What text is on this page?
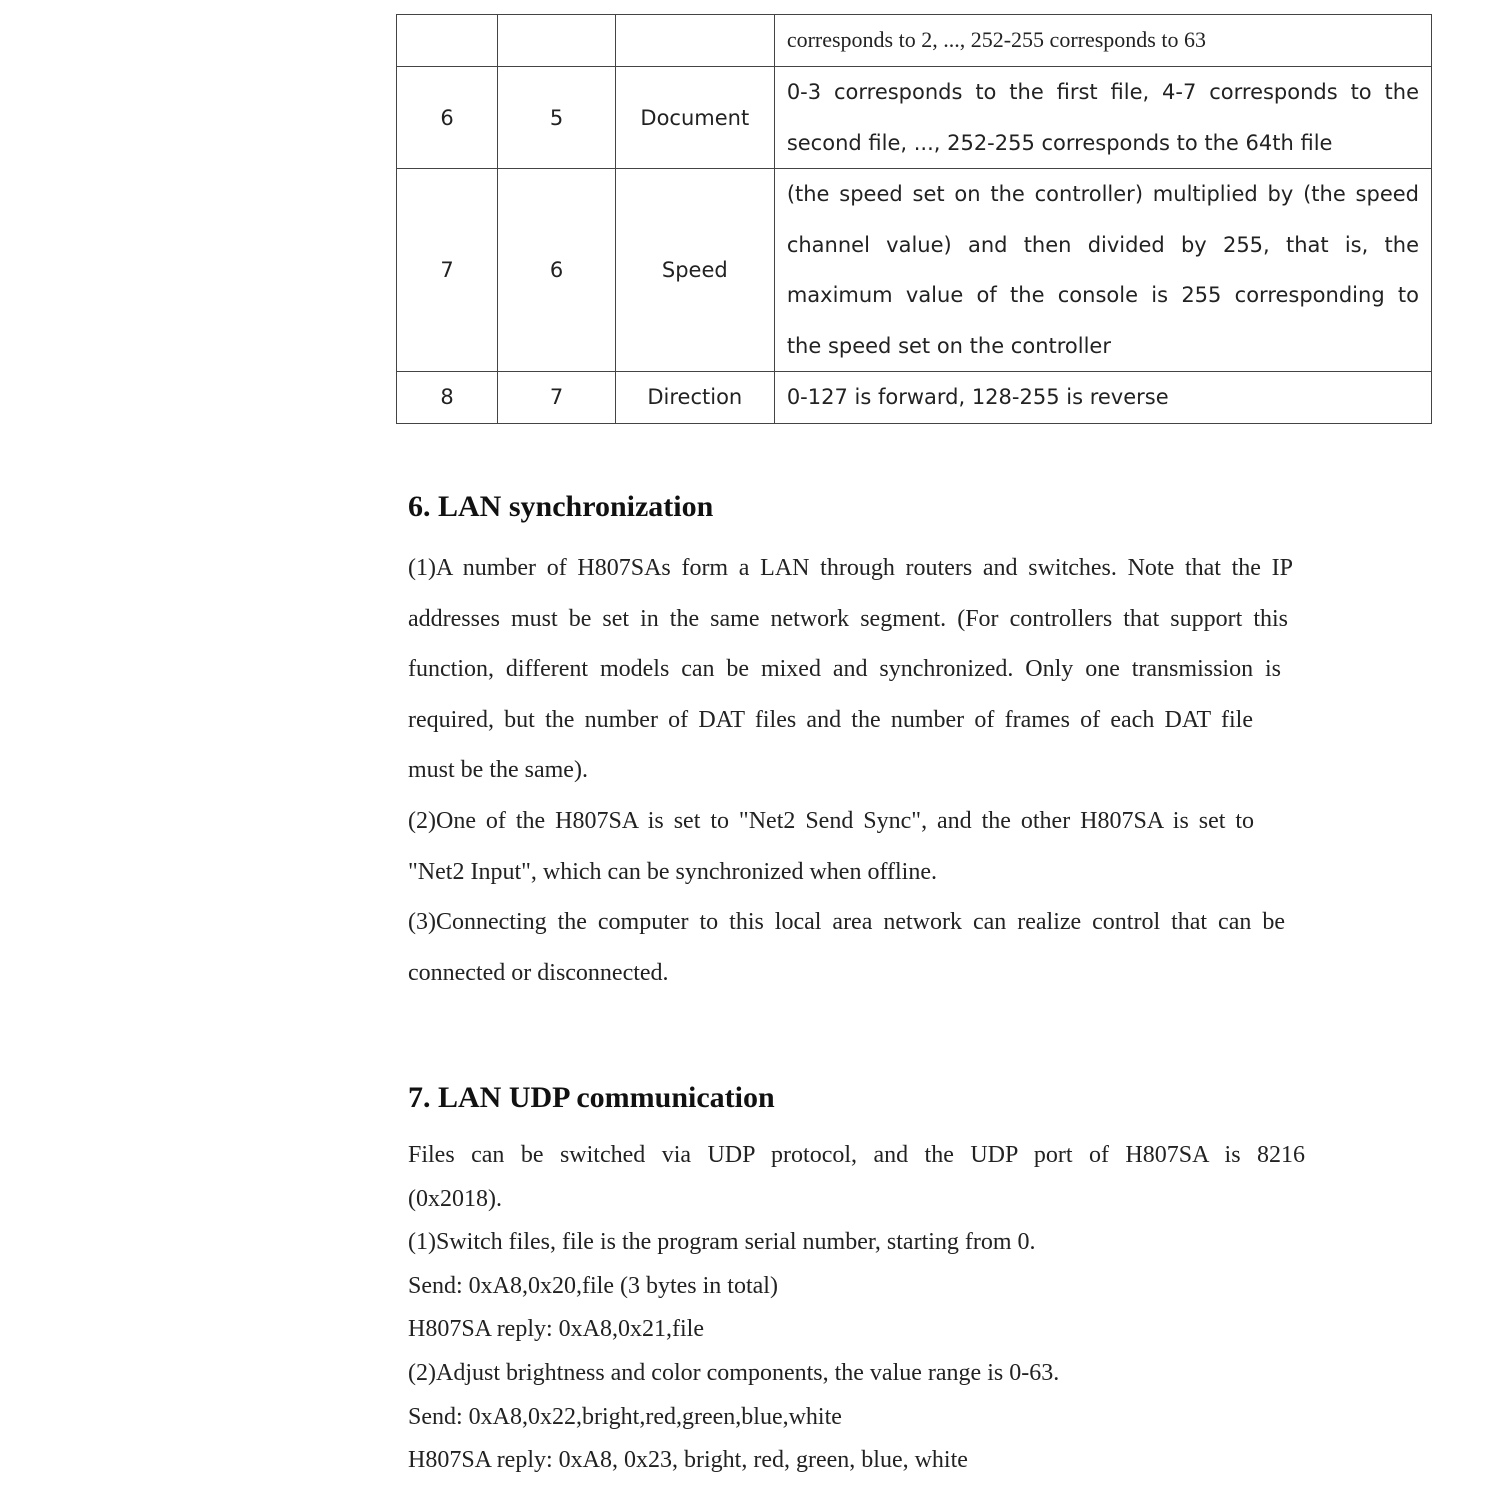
			corresponds to 2, ..., 252-255 corresponds to 63

6	5	Document	0-3 corresponds to the first file, 4-7 corresponds to the
second file, ..., 252-255 corresponds to the 64th file

7	6	Speed	(the speed set on the controller) multiplied by (the speed
channel value) and then divided by 255, that is, the
maximum value of the console is 255 corresponding to
the speed set on the controller

8	7	Direction	0-127 is forward, 128-255 is reverse
6. LAN synchronization

(1)A number of H807SAs form a LAN through routers and switches. Note that the IP
addresses must be set in the same network segment. (For controllers that support this
function, different models can be mixed and synchronized. Only one transmission is
required, but the number of DAT files and the number of frames of each DAT file
must be the same).
(2)One of the H807SA is set to "Net2 Send Sync", and the other H807SA is set to
"Net2 Input", which can be synchronized when offline.
(3)Connecting the computer to this local area network can realize control that can be
connected or disconnected.

7. LAN UDP communication

Files can be switched via UDP protocol, and the UDP port of H807SA is 8216
(0x2018).
(1)Switch files, file is the program serial number, starting from 0.
Send: 0xA8,0x20,file (3 bytes in total)
H807SA reply: 0xA8,0x21,file
(2)Adjust brightness and color components, the value range is 0-63.
Send: 0xA8,0x22,bright,red,green,blue,white
H807SA reply: 0xA8, 0x23, bright, red, green, blue, white
